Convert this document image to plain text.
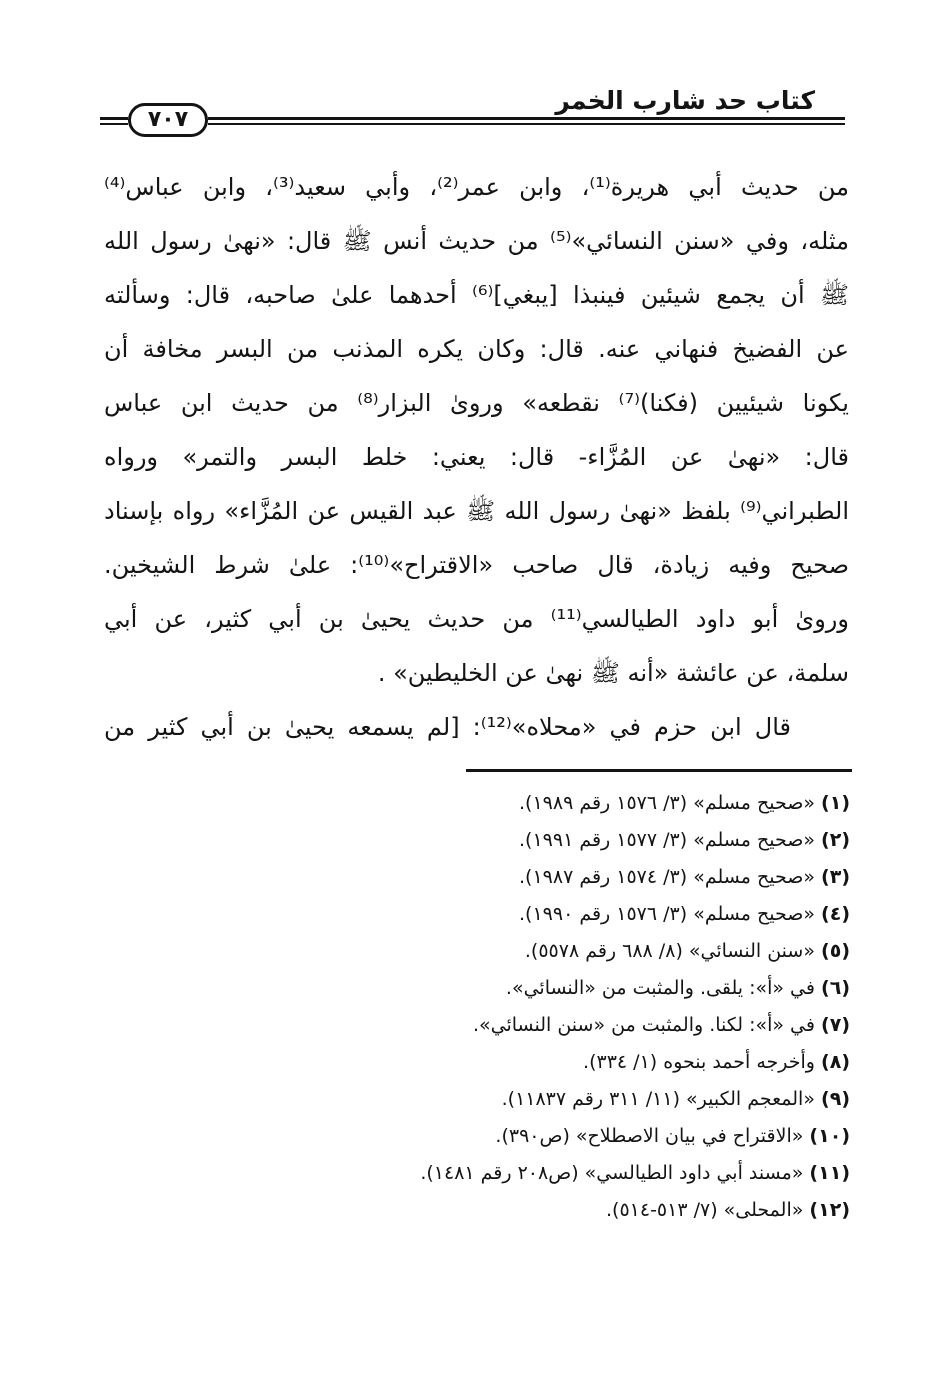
كتاب حد شارب الخمر
٧٠٧
من حديث أبي هريرة⁽¹⁾، وابن عمر⁽²⁾، وأبي سعيد⁽³⁾، وابن عباس⁽⁴⁾
مثله، وفي «سنن النسائي»⁽⁵⁾ من حديث أنس ﷺ قال: «نهىٰ رسول الله
ﷺ أن يجمع شيئين فينبذا [يبغي]⁽⁶⁾ أحدهما علىٰ صاحبه، قال: وسألته
عن الفضيخ فنهاني عنه. قال: وكان يكره المذنب من البسر مخافة أن
يكونا شيئيين (فكنا)⁽⁷⁾ نقطعه» ورویٰ البزار⁽⁸⁾ من حديث ابن عباس
قال: «نهىٰ عن المُزَّاء- قال: يعني: خلط البسر والتمر» ورواه
الطبراني⁽⁹⁾ بلفظ «نهىٰ رسول الله ﷺ عبد القيس عن المُزَّاء» رواه بإسناد
صحيح وفيه زيادة، قال صاحب «الاقتراح»⁽¹⁰⁾: علىٰ شرط الشيخين.
ورویٰ أبو داود الطيالسي⁽¹¹⁾ من حديث يحيىٰ بن أبي كثير، عن أبي
سلمة، عن عائشة «أنه ﷺ نهىٰ عن الخليطين» .
قال ابن حزم في «محلاه»⁽¹²⁾: [لم يسمعه يحيىٰ بن أبي كثير من
(١) «صحيح مسلم» (٣/ ١٥٧٦ رقم ١٩٨٩).
(٢) «صحيح مسلم» (٣/ ١٥٧٧ رقم ١٩٩١).
(٣) «صحيح مسلم» (٣/ ١٥٧٤ رقم ١٩٨٧).
(٤) «صحيح مسلم» (٣/ ١٥٧٦ رقم ١٩٩٠).
(٥) «سنن النسائي» (٨/ ٦٨٨ رقم ٥٥٧٨).
(٦) في «أ»: يلقى. والمثبت من «النسائي».
(٧) في «أ»: لكنا. والمثبت من «سنن النسائي».
(٨) وأخرجه أحمد بنحوه (١/ ٣٣٤).
(٩) «المعجم الكبير» (١١/ ٣١١ رقم ١١٨٣٧).
(١٠) «الاقتراح في بيان الاصطلاح» (ص٣٩٠).
(١١) «مسند أبي داود الطيالسي» (ص٢٠٨ رقم ١٤٨١).
(١٢) «المحلى» (٧/ ٥١٣-٥١٤).
